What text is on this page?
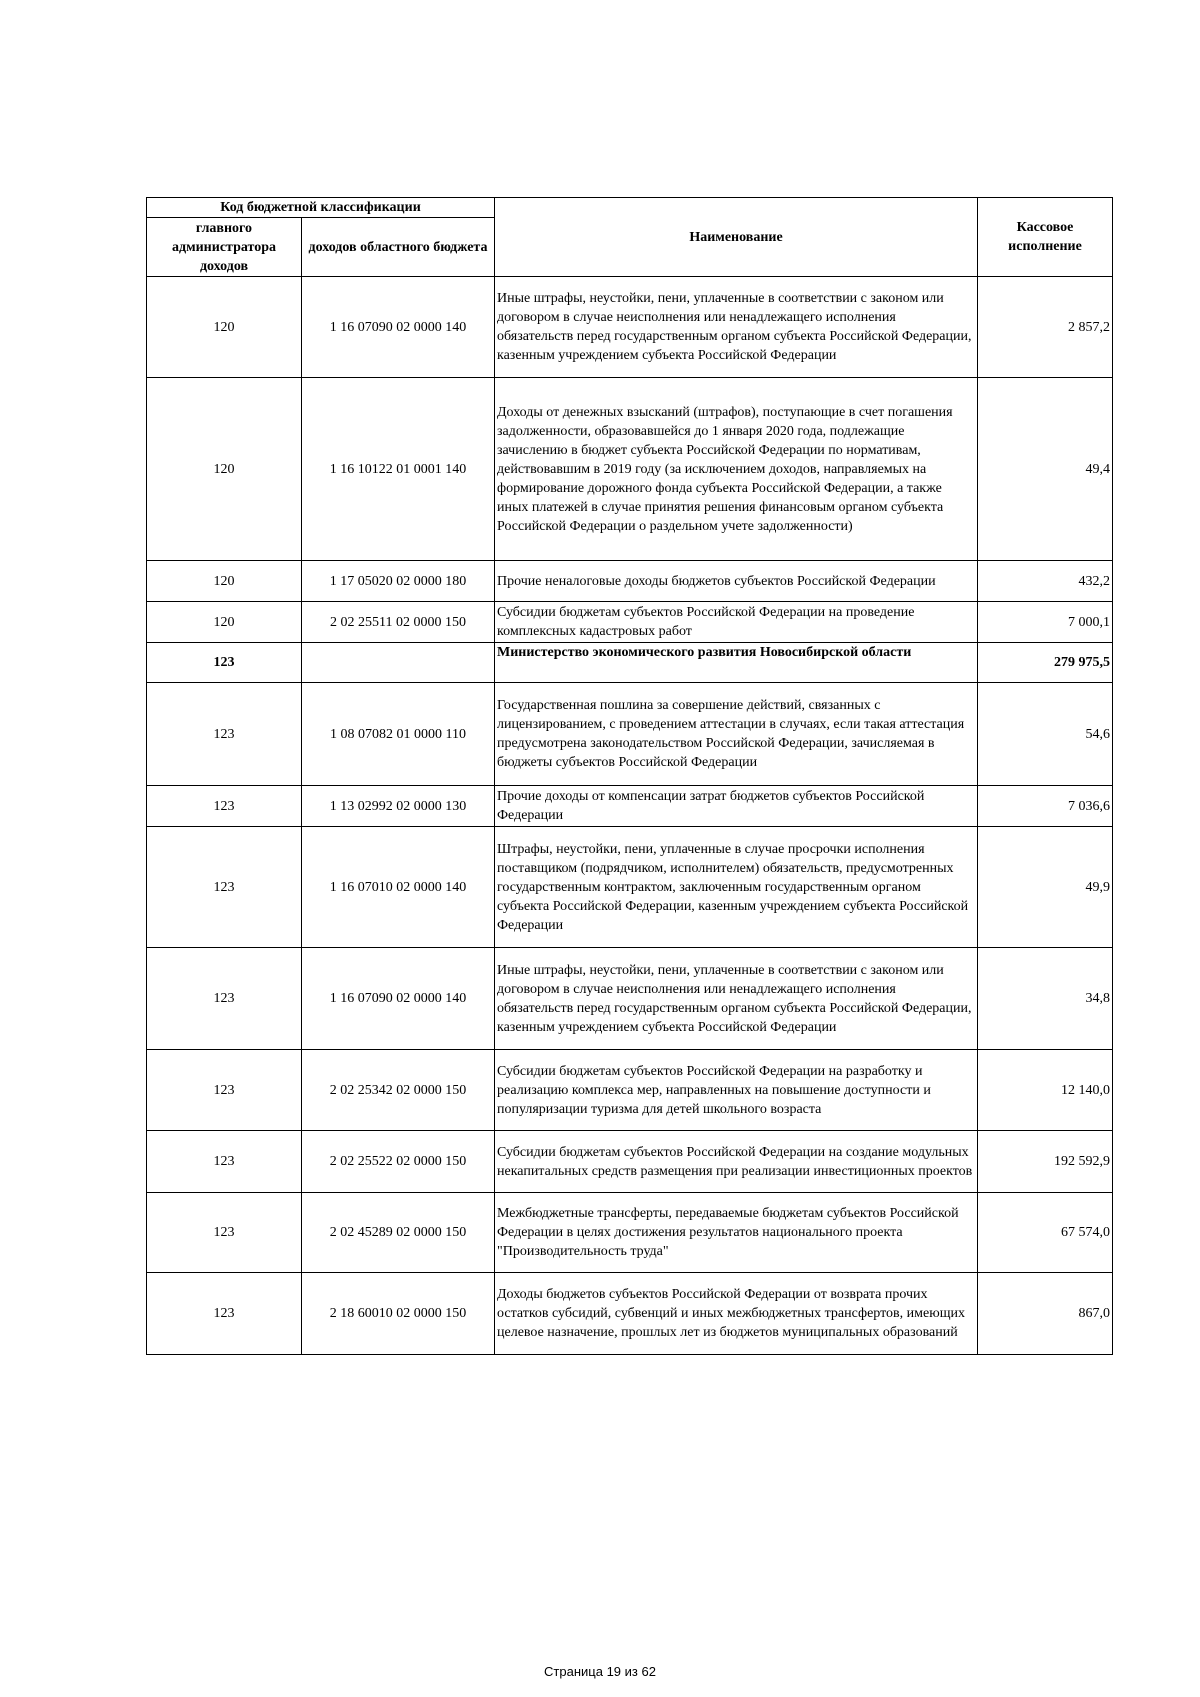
Код бюджетной классификации		Наименование	Кассовое исполнение
главного администратора доходов	доходов областного бюджета		
120	1 16 07090 02 0000 140	Иные штрафы, неустойки, пени, уплаченные в соответствии с законом или договором в случае неисполнения или ненадлежащего исполнения обязательств перед государственным органом субъекта Российской Федерации, казенным учреждением субъекта Российской Федерации	2 857,2
120	1 16 10122 01 0001 140	Доходы от денежных взысканий (штрафов), поступающие в счет погашения задолженности, образовавшейся до 1 января 2020 года, подлежащие зачислению в бюджет субъекта Российской Федерации по нормативам, действовавшим в 2019 году (за исключением доходов, направляемых на формирование дорожного фонда субъекта Российской Федерации, а также иных платежей в случае принятия решения финансовым органом субъекта Российской Федерации о раздельном учете задолженности)	49,4
120	1 17 05020 02 0000 180	Прочие неналоговые доходы бюджетов субъектов Российской Федерации	432,2
120	2 02 25511 02 0000 150	Субсидии бюджетам субъектов Российской Федерации на проведение комплексных кадастровых работ	7 000,1
123		Министерство экономического развития Новосибирской области	279 975,5
123	1 08 07082 01 0000 110	Государственная пошлина за совершение действий, связанных с лицензированием, с проведением аттестации в случаях, если такая аттестация предусмотрена законодательством Российской Федерации, зачисляемая в бюджеты субъектов Российской Федерации	54,6
123	1 13 02992 02 0000 130	Прочие доходы от компенсации затрат бюджетов субъектов Российской Федерации	7 036,6
123	1 16 07010 02 0000 140	Штрафы, неустойки, пени, уплаченные в случае просрочки исполнения поставщиком (подрядчиком, исполнителем) обязательств, предусмотренных государственным контрактом, заключенным государственным органом субъекта Российской Федерации, казенным учреждением субъекта Российской Федерации	49,9
123	1 16 07090 02 0000 140	Иные штрафы, неустойки, пени, уплаченные в соответствии с законом или договором в случае неисполнения или ненадлежащего исполнения обязательств перед государственным органом субъекта Российской Федерации, казенным учреждением субъекта Российской Федерации	34,8
123	2 02 25342 02 0000 150	Субсидии бюджетам субъектов Российской Федерации на разработку и реализацию комплекса мер, направленных на повышение доступности и популяризации туризма для детей школьного возраста	12 140,0
123	2 02 25522 02 0000 150	Субсидии бюджетам субъектов Российской Федерации на создание модульных некапитальных средств размещения при реализации инвестиционных проектов	192 592,9
123	2 02 45289 02 0000 150	Межбюджетные трансферты, передаваемые бюджетам субъектов Российской Федерации в целях достижения результатов национального проекта "Производительность труда"	67 574,0
123	2 18 60010 02 0000 150	Доходы бюджетов субъектов Российской Федерации от возврата прочих остатков субсидий, субвенций и иных межбюджетных трансфертов, имеющих целевое назначение, прошлых лет из бюджетов муниципальных образований	867,0
Страница 19 из 62
